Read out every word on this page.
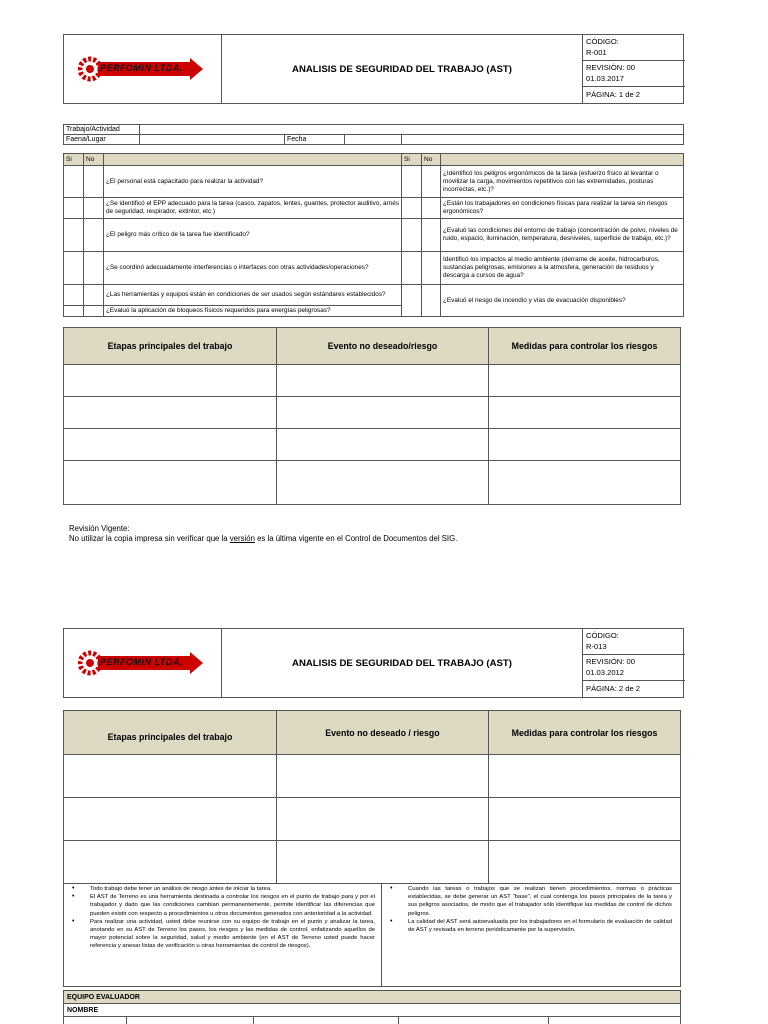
PERFOMIN LTDA.	ANALISIS DE SEGURIDAD DEL TRABAJO (AST)
CÓDIGO:
R-001
REVISIÓN: 00
01.03.2017
PÁGINA: 1 de 2
Trabajo/Actividad				
Faena/Lugar		Fecha		
Si	No		Si	No	
		¿El personal está capacitado para realizar la actividad?			¿Identificó los peligros ergonómicos de la tarea (esfuerzo físico al levantar o movilizar la carga, movimientos repetitivos con las extremidades, posturas incorrectas, etc.)?
		¿Se identificó el EPP adecuado para la tarea (casco, zapatos, lentes, guantes, protector auditivo, arnés de seguridad, respirador, extintor, etc.)			¿Están los trabajadores en condiciones físicas para realizar la tarea sin riesgos ergonómicos?
		¿El peligro más crítico de la tarea fue identificado?			¿Evaluó las condiciones del entorno de trabajo (concentración de polvo, niveles de ruido, espacio, iluminación, temperatura, desniveles, superficie de trabajo, etc.)?
		¿Se coordinó adecuadamente interferencias o interfaces con otras actividades/operaciones?			Identificó los impactos al medio ambiente (derrame de aceite, hidrocarburos, sustancias peligrosas, emisiones a la atmosfera, generación de residuos y descarga a cursos de agua?
		¿Las herramientas y equipos están en condiciones de ser usados según estándares establecidos?			¿Evaluó el riesgo de incendio y vías de evacuación disponibles?
		¿Evaluó la aplicación de bloqueos físicos requeridos para energías peligrosas?			
Etapas principales del trabajo	Evento no deseado/riesgo	Medidas para controlar los riesgos

Revisión Vigente:
No utilizar la copia impresa sin verificar que la versión es la última vigente en el Control de Documentos del SIG.
PERFOMIN LTDA.	ANALISIS DE SEGURIDAD DEL TRABAJO (AST)
CÓDIGO:
R-013
REVISIÓN: 00
01.03.2012
PÁGINA: 2 de 2
Etapas principales del trabajo	Evento no deseado / riesgo	Medidas para controlar los riesgos

• Todo trabajo debe tener un análisis de riesgo antes de iniciar la tarea.
• El AST de Terreno es una herramienta destinada a controlar los riesgos en el punto de trabajo para y por el trabajador y dado que las condiciones cambian permanentemente, permite identificar las diferencias que pueden existir con respecto a procedimientos u otros documentos generados con anterioridad a la actividad.
• Para realizar una actividad, usted debe reunirse con su equipo de trabajo en el punto y analizar la tarea, anotando en su AST de Terreno los pasos, los riesgos y las medidas de control, enfatizando aquellos de mayor potencial sobre la seguridad, salud y medio ambiente (en el AST de Terreno usted puede hacer referencia y anexar listas de verificación u otras herramientas de control de riesgos).
• Cuando las tareas o trabajos que se realizan tienen procedimientos, normas o prácticas establecidas, se debe generar un AST "base", el cual contenga los pasos principales de la tarea y sus peligros asociados, de modo que el trabajador sólo identifique las medidas de control de dichos peligros.
• La calidad del AST será autoevaluada por los trabajadores en el formulario de evaluación de calidad de AST y revisada en terreno periódicamente por la supervisión.
EQUIPO EVALUADOR
NOMBRE
